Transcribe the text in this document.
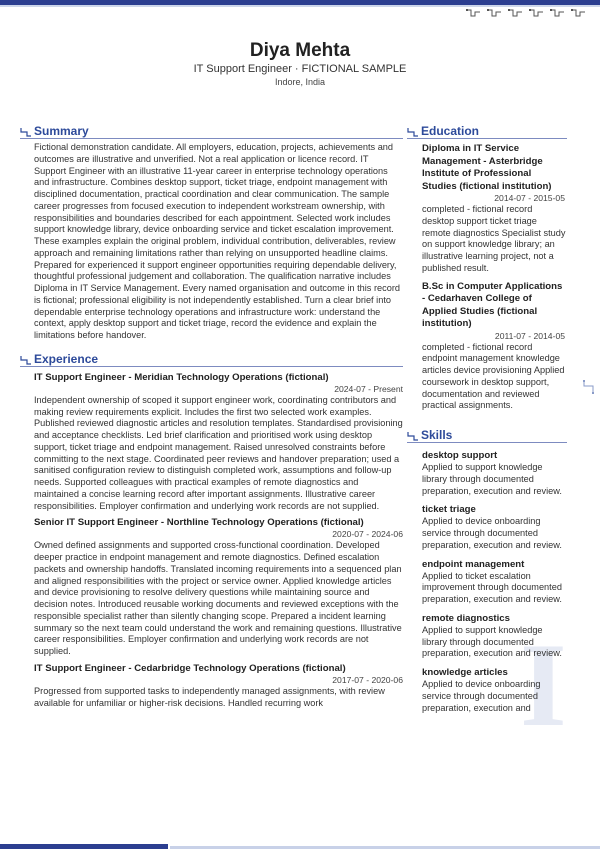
I
Diya Mehta
IT Support Engineer · FICTIONAL SAMPLE
Indore, India
Summary
Fictional demonstration candidate. All employers, education, projects, achievements and outcomes are illustrative and unverified. Not a real application or licence record. IT Support Engineer with an illustrative 11-year career in enterprise technology operations and infrastructure. Combines desktop support, ticket triage, endpoint management with disciplined documentation, practical coordination and clear communication. The sample career progresses from focused execution to independent workstream ownership, with responsibilities and boundaries described for each appointment. Selected work includes support knowledge library, device onboarding service and ticket escalation improvement. These examples explain the original problem, individual contribution, deliverables, review approach and remaining limitations rather than relying on unsupported headline claims. Prepared for experienced it support engineer opportunities requiring dependable delivery, thoughtful professional judgement and collaboration. The qualification narrative includes Diploma in IT Service Management. Every named organisation and outcome in this record is fictional; professional eligibility is not independently established. Turn a clear brief into dependable enterprise technology operations and infrastructure work: understand the context, apply desktop support and ticket triage, record the evidence and explain the limitations before handover.
Experience
IT Support Engineer - Meridian Technology Operations (fictional)
2024-07 - Present
Independent ownership of scoped it support engineer work, coordinating contributors and making review requirements explicit. Includes the first two selected work examples. Published reviewed diagnostic articles and resolution templates. Standardised provisioning and acceptance checklists. Led brief clarification and prioritised work using desktop support, ticket triage and endpoint management. Raised unresolved constraints before committing to the next stage. Coordinated peer reviews and handover preparation; used a sanitised configuration review to distinguish completed work, assumptions and follow-up needs. Supported colleagues with practical examples of remote diagnostics and maintained a concise learning record after important assignments. Illustrative career responsibilities. Employer confirmation and underlying work records are not supplied.
Senior IT Support Engineer - Northline Technology Operations (fictional)
2020-07 - 2024-06
Owned defined assignments and supported cross-functional coordination. Developed deeper practice in endpoint management and remote diagnostics. Defined escalation packets and ownership handoffs. Translated incoming requirements into a sequenced plan and aligned responsibilities with the project or service owner. Applied knowledge articles and device provisioning to resolve delivery questions while maintaining source and decision notes. Introduced reusable working documents and reviewed exceptions with the responsible specialist rather than silently changing scope. Prepared a incident learning summary so the next team could understand the work and remaining questions. Illustrative career responsibilities. Employer confirmation and underlying work records are not supplied.
IT Support Engineer - Cedarbridge Technology Operations (fictional)
2017-07 - 2020-06
Progressed from supported tasks to independently managed assignments, with review available for unfamiliar or higher-risk decisions. Handled recurring work
Education
Diploma in IT Service Management - Asterbridge Institute of Professional Studies (fictional institution)
2014-07 - 2015-05
completed - fictional record desktop support ticket triage remote diagnostics Specialist study on support knowledge library; an illustrative learning project, not a published result.
B.Sc in Computer Applications - Cedarhaven College of Applied Studies (fictional institution)
2011-07 - 2014-05
completed - fictional record endpoint management knowledge articles device provisioning Applied coursework in desktop support, documentation and reviewed practical assignments.
Skills
desktop support
Applied to support knowledge library through documented preparation, execution and review.
ticket triage
Applied to device onboarding service through documented preparation, execution and review.
endpoint management
Applied to ticket escalation improvement through documented preparation, execution and review.
remote diagnostics
Applied to support knowledge library through documented preparation, execution and review.
knowledge articles
Applied to device onboarding service through documented preparation, execution and
